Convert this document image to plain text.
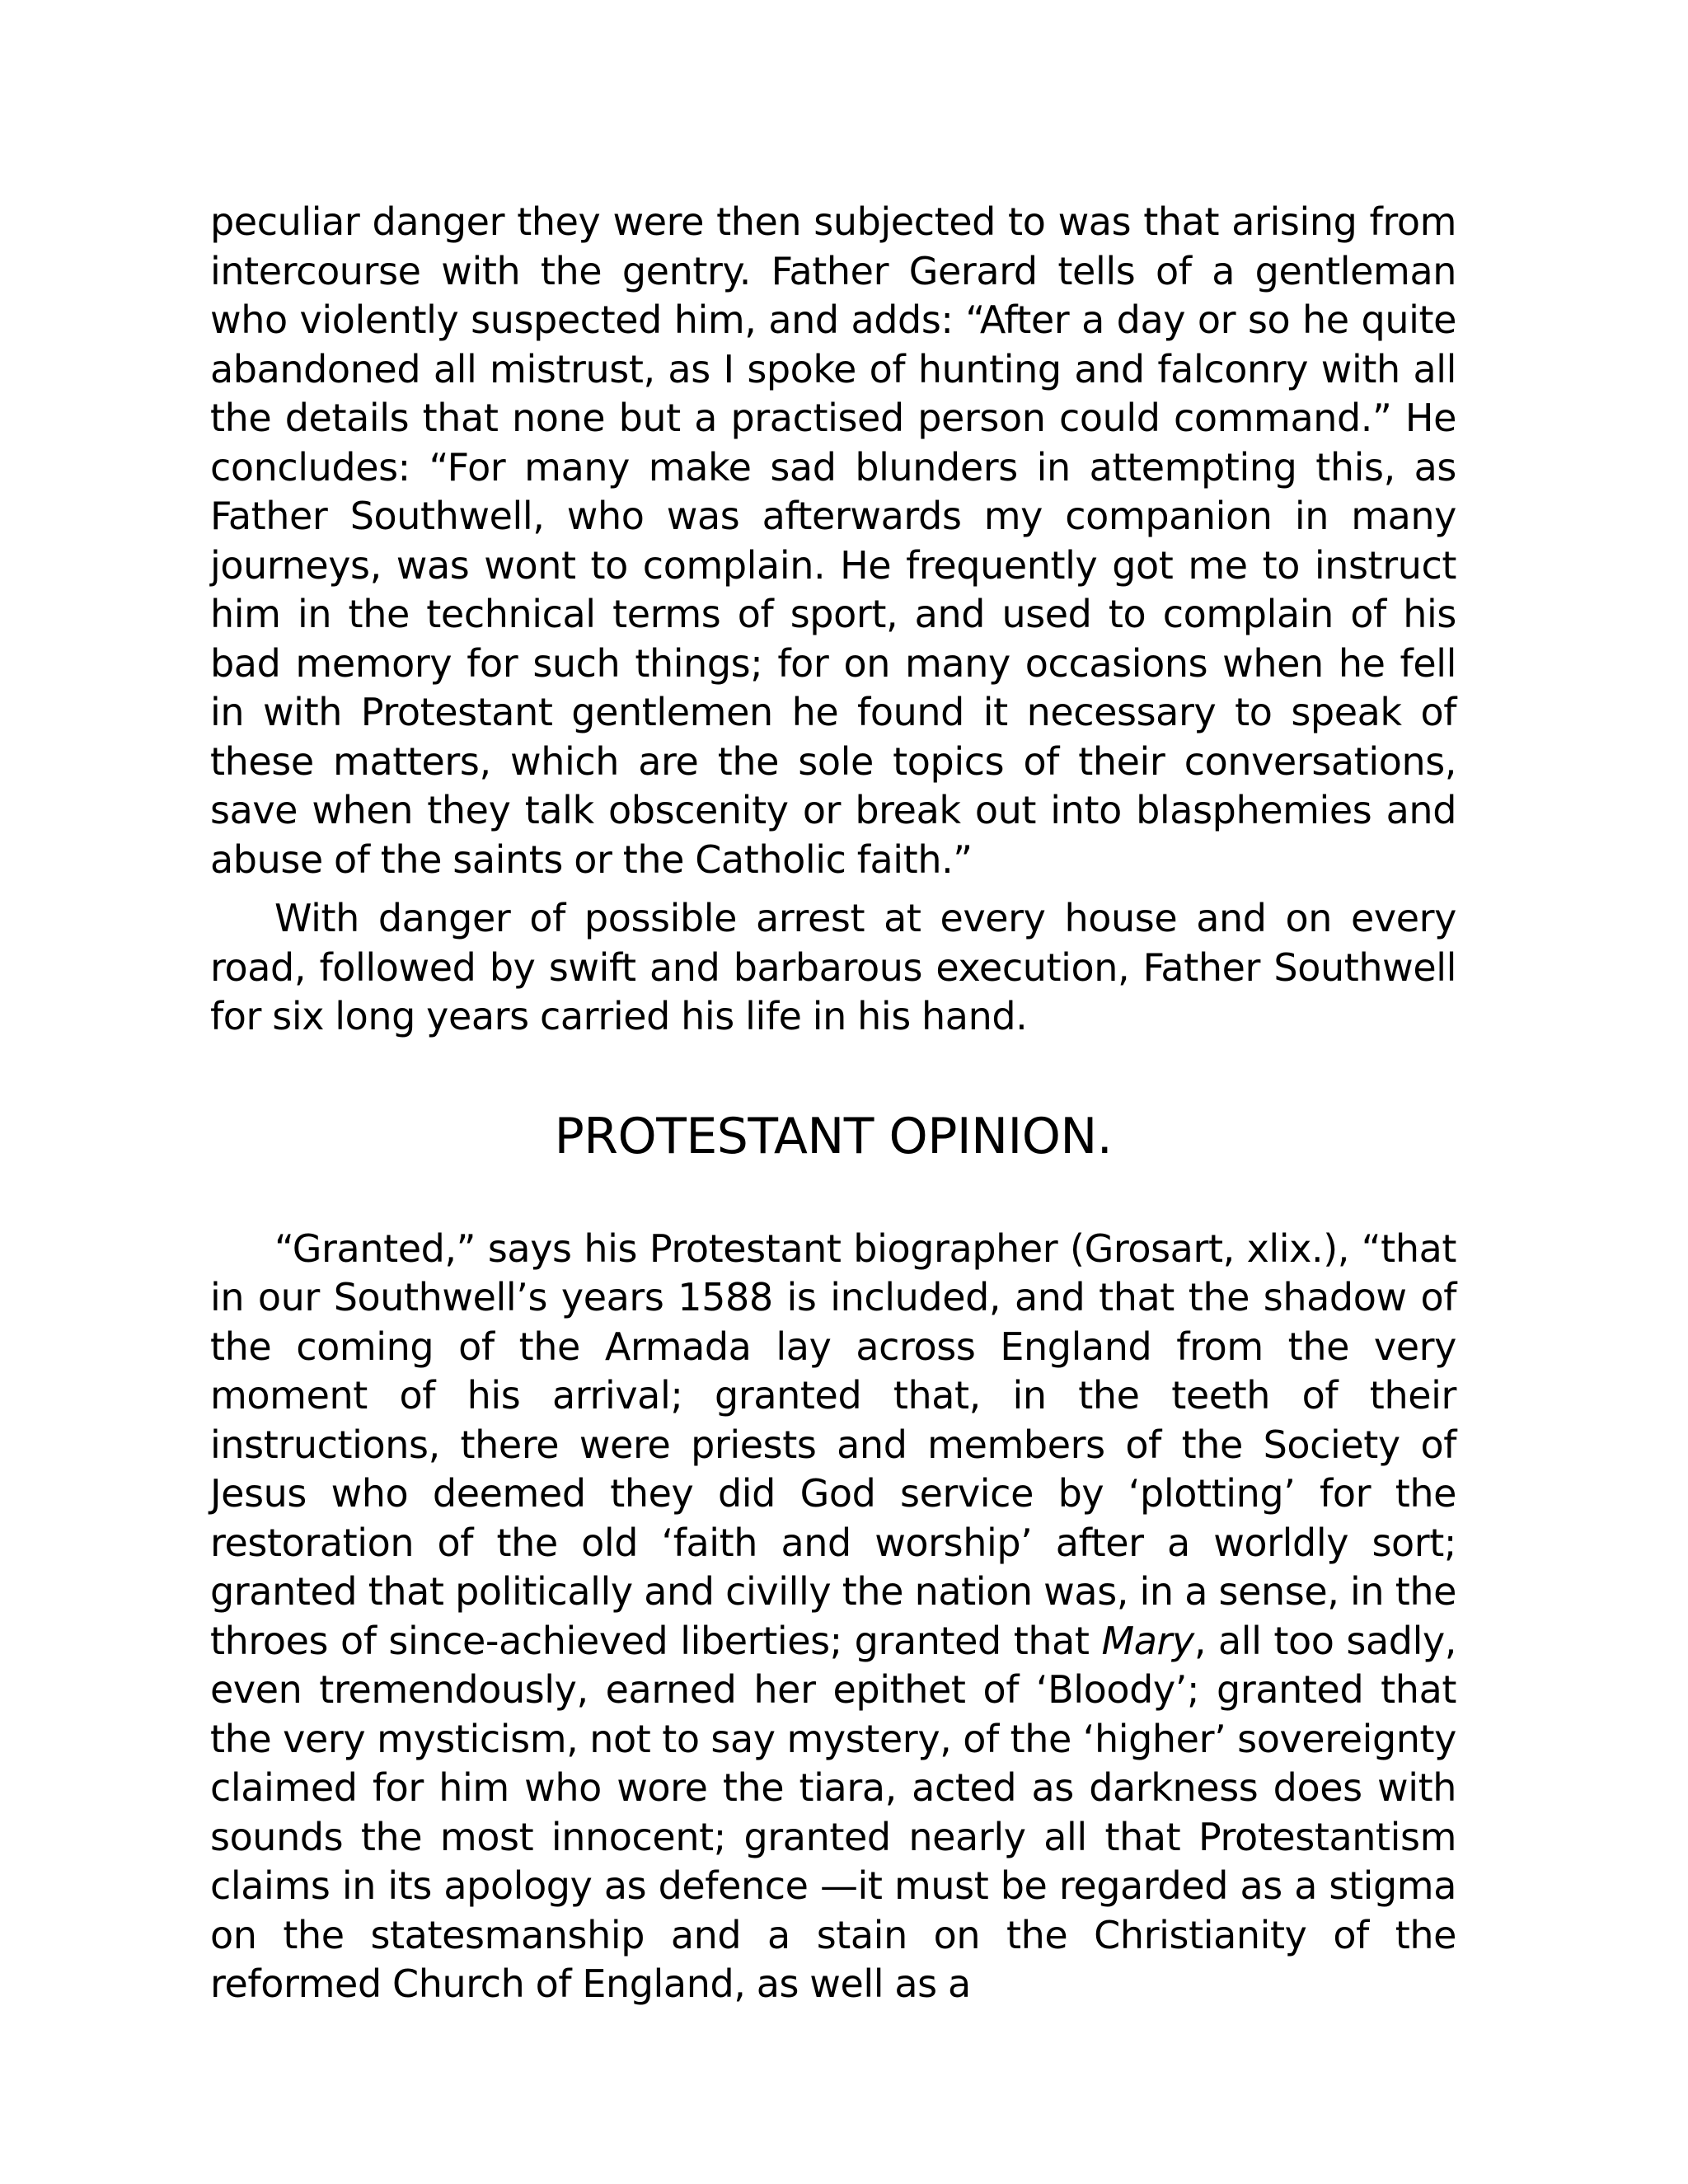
peculiar danger they were then subjected to was that arising from intercourse with the gentry. Father Gerard tells of a gentleman who violently suspected him, and adds: “After a day or so he quite abandoned all mistrust, as I spoke of hunting and falconry with all the details that none but a practised person could command.” He concludes: “For many make sad blunders in attempting this, as Father Southwell, who was afterwards my companion in many journeys, was wont to complain. He frequently got me to instruct him in the technical terms of sport, and used to complain of his bad memory for such things; for on many occasions when he fell in with Protestant gentlemen he found it necessary to speak of these matters, which are the sole topics of their conversations, save when they talk obscenity or break out into blasphemies and abuse of the saints or the Catholic faith.”

With danger of possible arrest at every house and on every road, followed by swift and barbarous execution, Father Southwell for six long years carried his life in his hand.

PROTESTANT OPINION.

“Granted,” says his Protestant biographer (Grosart, xlix.), “that in our Southwell’s years 1588 is included, and that the shadow of the coming of the Armada lay across England from the very moment of his arrival; granted that, in the teeth of their instructions, there were priests and members of the Society of Jesus who deemed they did God service by ‘plotting’ for the restoration of the old ‘faith and worship’ after a worldly sort; granted that politically and civilly the nation was, in a sense, in the throes of since-achieved liberties; granted that Mary, all too sadly, even tremendously, earned her epithet of ‘Bloody’; granted that the very mysticism, not to say mystery, of the ‘higher’ sovereignty claimed for him who wore the tiara, acted as darkness does with sounds the most innocent; granted nearly all that Protestantism claims in its apology as defence —it must be regarded as a stigma on the statesmanship and a stain on the Christianity of the reformed Church of England, as well as a
